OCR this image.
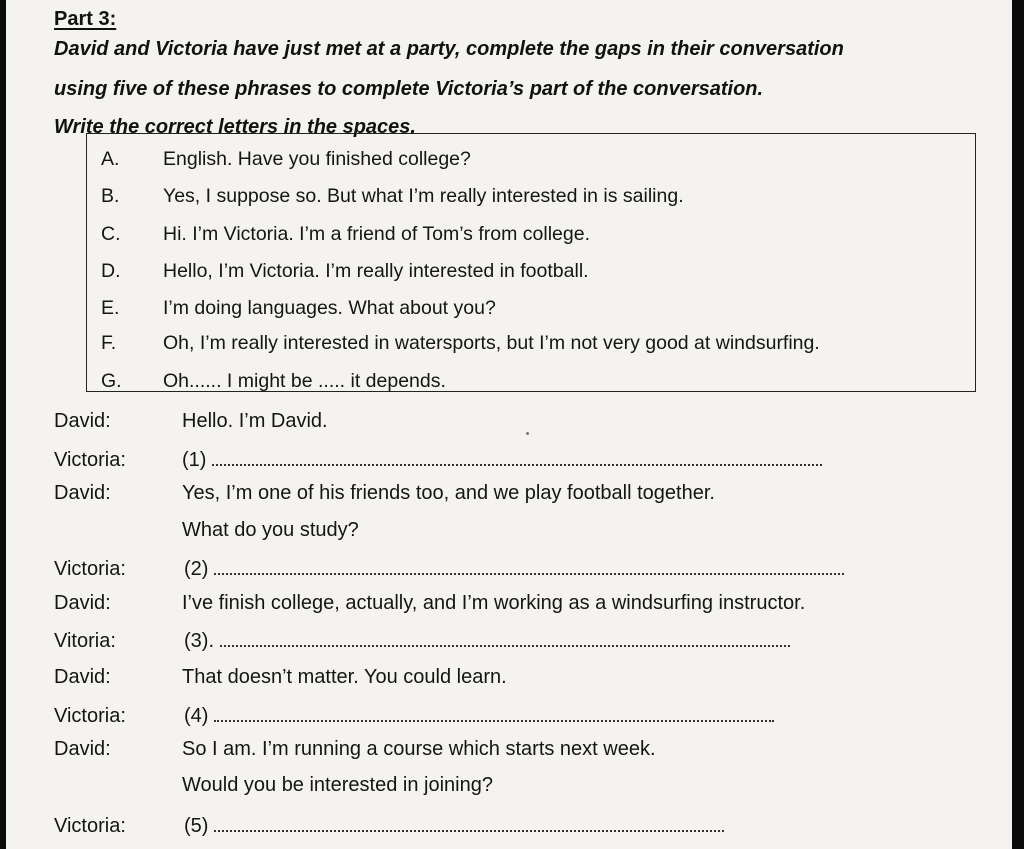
Part 3:
David and Victoria have just met at a party, complete the gaps in their conversation
using five of these phrases to complete Victoria’s part of the conversation.
Write the correct letters in the spaces.
A. English. Have you finished college?
B. Yes, I suppose so. But what I’m really interested in is sailing.
C. Hi. I’m Victoria. I’m a friend of Tom’s from college.
D. Hello, I’m Victoria. I’m really interested in football.
E. I’m doing languages. What about you?
F. Oh, I’m really interested in watersports, but I’m not very good at windsurfing.
G. Oh...... I might be ..... it depends.
David:	Hello. I’m David.
Victoria:	(1)
David:	Yes, I’m one of his friends too, and we play football together.
What do you study?
Victoria:	(2)
David:	I’ve finish college, actually, and I’m working as a windsurfing instructor.
Vitoria:	(3).
David:	That doesn’t matter. You could learn.
Victoria:	(4)
David:	So I am. I’m running a course which starts next week.
Would you be interested in joining?
Victoria:	(5)
